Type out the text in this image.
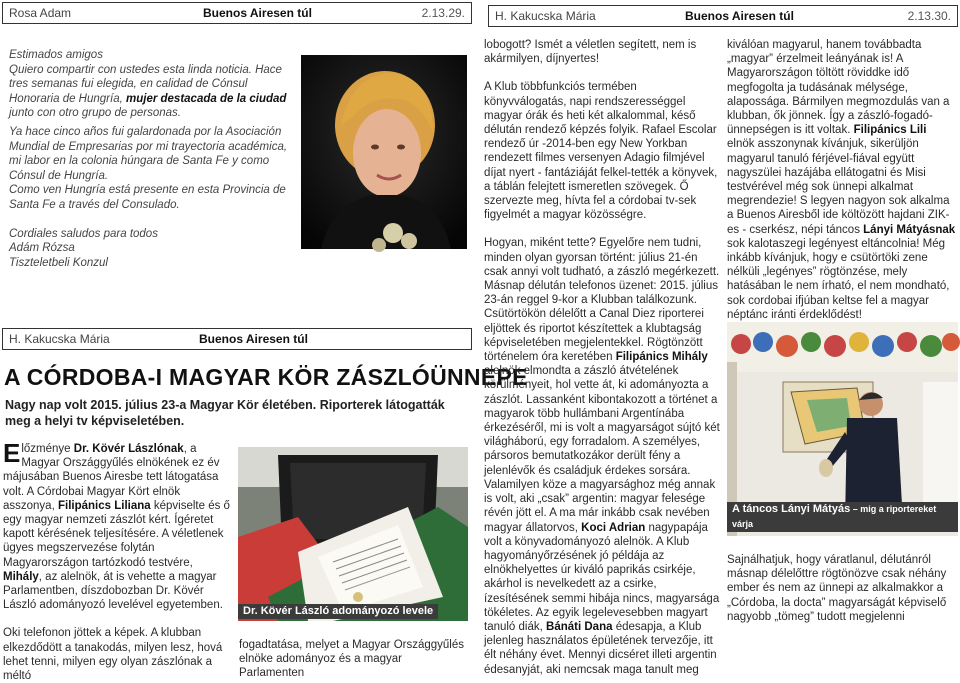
Rosa Adam	Buenos Airesen túl	2.13.29.	H. Kakucska Mária	Buenos Airesen túl	2.13.30.

Estimados amigos
Quiero compartir con ustedes esta linda noticia. Hace tres semanas fui elegida, en calidad de Cónsul Honoraria de Hungría, mujer destacada de la ciudad junto con otro grupo de personas.

Ya hace cinco años fui galardonada por la Asociación Mundial de Empresarias por mi trayectoria académica, mi labor en la colonia húngara de Santa Fe y como Cónsul de Hungría.

Como ven Hungría está presente en esta Provincia de Santa Fe a través del Consulado.

Cordiales saludos para todos

Adám Rózsa

Tiszteletbeli Konzul

H. Kakucska Mária	Buenos Airesen túl
A CÓRDOBA-I MAGYAR KÖR ZÁSZLÓÜNNEPE
Nagy nap volt 2015. július 23-a Magyar Kör életében. Riporterek látogatták meg a helyi tv képviseletében.

Előzménye Dr. Kövér Lászlónak, a Magyar Országgyűlés elnökének ez év májusában Buenos Airesbe tett látogatása volt. A Córdobai Magyar Kört elnök asszonya, Filipánics Liliana képviselte és ő egy magyar nemzeti zászlót kért. Ígéretet kapott kérésének teljesítésére. A véletlenek ügyes megszervezése folytán Magyarországon tartózkodó testvére, Mihály, az alelnök, át is vehette a magyar Parlamentben, díszdobozban Dr. Kövér László adományozó levelével egyetemben.

Oki telefonon jöttek a képek. A klubban elkezdődött a tanakodás, milyen lesz, hová lehet tenni, milyen egy olyan zászlónak a méltó

Dr. Kövér László adományozó levele

fogadtatása, melyet a Magyar Országgyűlés elnöke adományoz és a magyar Parlamenten

lobogott? Ismét a véletlen segített, nem is akármilyen, díjnyertes!

A Klub többfunkciós termében könyvválogatás, napi rendszerességgel magyar órák és heti két alkalommal, késő délután rendező képzés folyik. Rafael Escolar rendező úr -2014-ben egy New Yorkban rendezett filmes versenyen Adagio filmjével díjat nyert - fantáziáját felkel-tették a könyvek, a táblán felejtett ismeretlen szövegek. Ő szervezte meg, hívta fel a córdobai tv-sek figyelmét a magyar közösségre.

Hogyan, miként tette? Egyelőre nem tudni, minden olyan gyorsan történt: július 21-én csak annyi volt tudható, a zászló megérkezett. Másnap délután telefonos üzenet: 2015. július 23-án reggel 9-kor a Klubban találkozunk. Csütörtökön délelőtt a Canal Diez riporterei eljöttek és riportot készítettek a klubtagság képviseletében megjelentekkel. Rögtönzött történelem óra keretében Filipánics Mihály alelnök elmondta a zászló átvételének körülményeit, hol vette át, ki adományozta a zászlót. Lassanként kibontakozott a történet a magyarok több hullámbani Argentínába érkezéséről, mi is volt a magyarságot sújtó két világháború, egy forradalom. A személyes, pársoros bemutatkozákor derült fény a jelenlévők és családjuk érdekes sorsára. Valamilyen köze a magyarsághoz még annak is volt, aki „csak” argentin: magyar felesége révén jött el. A ma már inkább csak nevében magyar állatorvos, Koci Adrian nagypapája volt a könyvadományozó alelnök. A Klub hagyományőrzésének jó példája az elnökhelyettes úr kiváló paprikás csirkéje, akárhol is nevelkedett az a csirke, ízesítésének semmi hibája nincs, magyarsága tökéletes. Az egyik legelevesebben magyart tanuló diák, Bánáti Dana édesapja, a Klub jelenleg használatos épületének tervezője, itt élt néhány évet. Mennyi dicséret illeti argentin édesanyját, aki nemcsak maga tanult meg

kiválóan magyarul, hanem továbbadta „magyar” érzelmeit leányának is! A Magyarországon töltött röviddke idő megfogolta ja tudásának mélysége, alapossága. Bármilyen megmozdulás van a klubban, ők jönnek. Így a zászló-fogadó-ünnepségen is itt voltak. Filipánics Lili elnök asszonynak kívánjuk, sikerüljön magyarul tanuló férjével-fiával együtt nagyszülei hazájába ellátogatni és Misi testvérével még sok ünnepi alkalmat megrendezie! S legyen nagyon sok alkalma a Buenos Airesből ide költözött hajdani ZIK-es - cserkész, népi táncos Lányi Mátyásnak sok kalotaszegi legényest eltáncolnia! Még inkább kívánjuk, hogy e csütörtöki zene nélküli „legényes” rögtönzése, mely hatásában le nem írható, el nem mondható, sok cordobai ifjúban keltse fel a magyar néptánc iránti érdeklődést!

A táncos Lányi Mátyás – mig a riportereket várja

Sajnálhatjuk, hogy váratlanul, délutánról másnap délelőttre rögtönözve csak néhány ember és nem az ünnepi az alkalmakkor a „Córdoba, la docta” magyarságát képviselő nagyobb „tömeg” tudott megjelenni
